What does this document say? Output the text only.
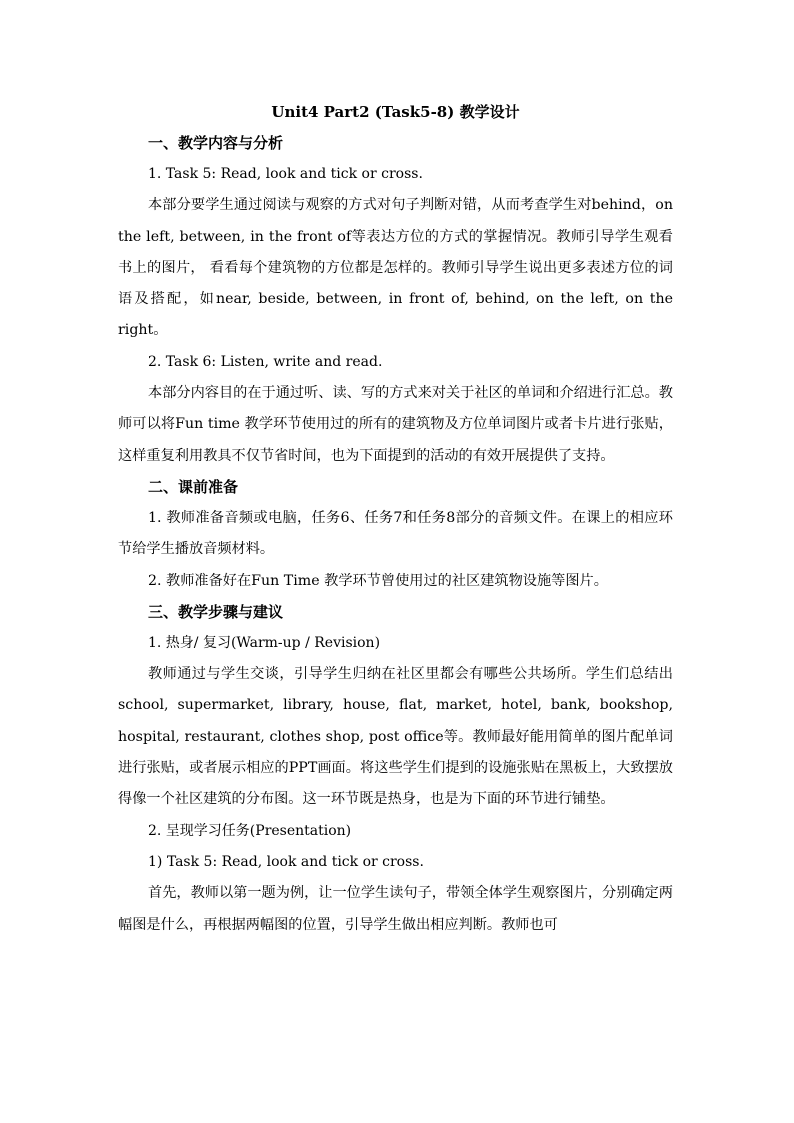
Unit4 Part2 (Task5-8) 教学设计

一、教学内容与分析

1. Task 5: Read, look and tick or cross.

本部分要学生通过阅读与观察的方式对句子判断对错，从而考查学生对behind，on the left, between, in the front of等表达方位的方式的掌握情况。教师引导学生观看书上的图片， 看看每个建筑物的方位都是怎样的。教师引导学生说出更多表述方位的词语及搭配，如near, beside, between, in front of, behind, on the left, on the right。

2. Task 6: Listen, write and read.

本部分内容目的在于通过听、读、写的方式来对关于社区的单词和介绍进行汇总。教师可以将Fun time 教学环节使用过的所有的建筑物及方位单词图片或者卡片进行张贴，这样重复利用教具不仅节省时间，也为下面提到的活动的有效开展提供了支持。

二、课前准备

1. 教师准备音频或电脑，任务6、任务7和任务8部分的音频文件。在课上的相应环节给学生播放音频材料。

2. 教师准备好在Fun Time 教学环节曾使用过的社区建筑物设施等图片。

三、教学步骤与建议

1. 热身/ 复习(Warm-up / Revision)

教师通过与学生交谈，引导学生归纳在社区里都会有哪些公共场所。学生们总结出 school, supermarket, library, house, flat, market, hotel, bank, bookshop, hospital, restaurant, clothes shop, post office等。教师最好能用简单的图片配单词进行张贴，或者展示相应的PPT画面。将这些学生们提到的设施张贴在黑板上，大致摆放得像一个社区建筑的分布图。这一环节既是热身，也是为下面的环节进行铺垫。

2. 呈现学习任务(Presentation)

1) Task 5: Read, look and tick or cross.

首先，教师以第一题为例，让一位学生读句子，带领全体学生观察图片，分别确定两幅图是什么，再根据两幅图的位置，引导学生做出相应判断。教师也可
